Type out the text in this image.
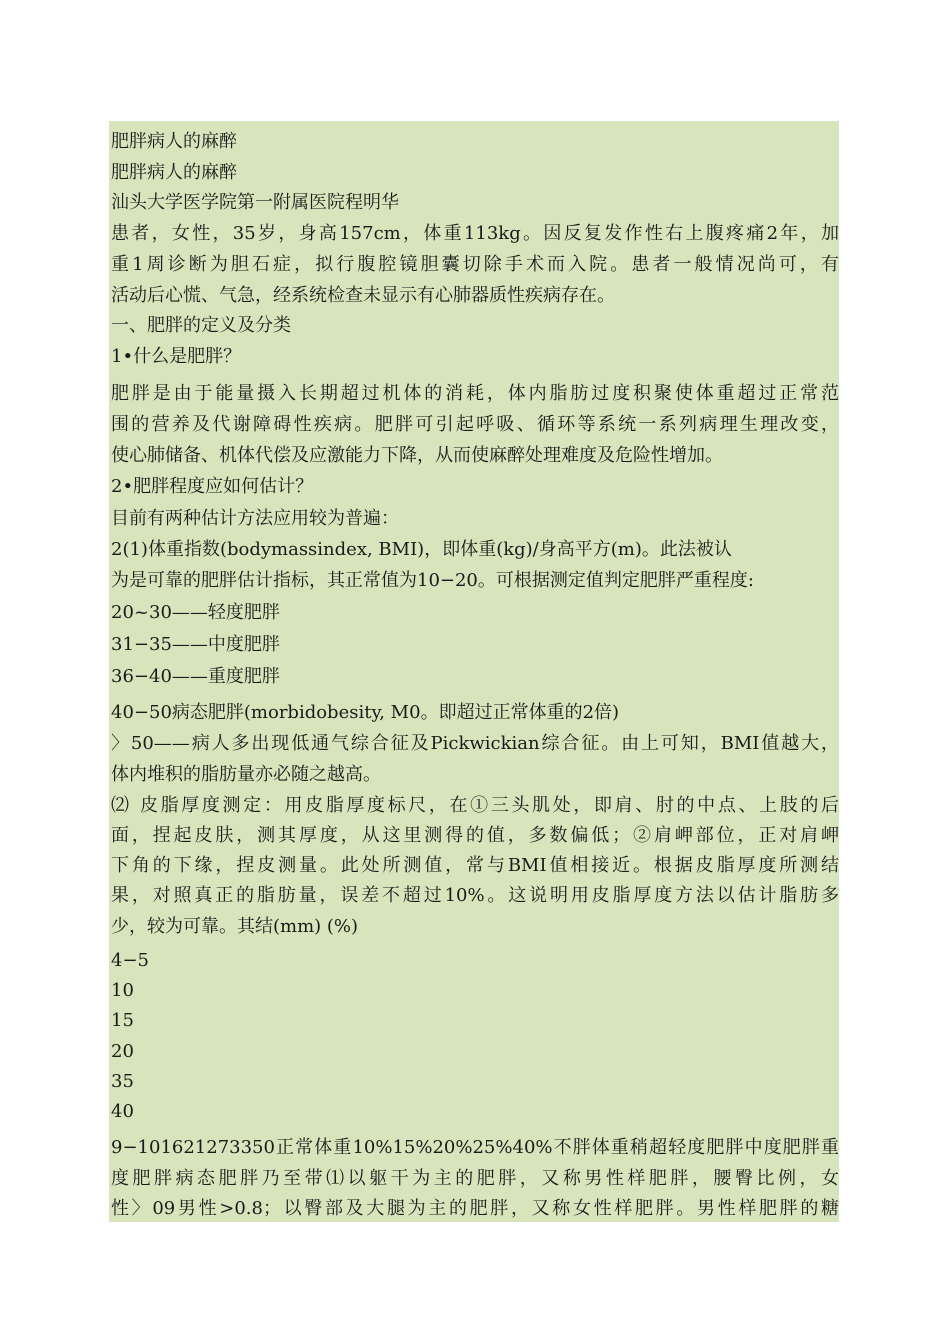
肥胖病人的麻醉
肥胖病人的麻醉
汕头大学医学院第一附属医院程明华
患者，女性，35岁，身高157cm，体重113kg。因反复发作性右上腹疼痛2年，加
重1周诊断为胆石症，拟行腹腔镜胆囊切除手术而入院。患者一般情况尚可，有
活动后心慌、气急，经系统检查未显示有心肺器质性疾病存在。
一、肥胖的定义及分类
1•什么是肥胖？
肥胖是由于能量摄入长期超过机体的消耗，体内脂肪过度积聚使体重超过正常范
围的营养及代谢障碍性疾病。肥胖可引起呼吸、循环等系统一系列病理生理改变，
使心肺储备、机体代偿及应激能力下降，从而使麻醉处理难度及危险性增加。
2•肥胖程度应如何估计？
目前有两种估计方法应用较为普遍：
2(1)体重指数(bodymassindex, BMI)，即体重(kg)/身高平方(m)。此法被认
为是可靠的肥胖估计指标，其正常值为10−20。可根据测定值判定肥胖严重程度:
20~30——轻度肥胖
31−35——中度肥胖
36−40——重度肥胖
40−50病态肥胖(morbidobesity, M0。即超过正常体重的2倍)
〉50——病人多出现低通气综合征及Pickwickian综合征。由上可知，BMI值越大，
体内堆积的脂肪量亦必随之越高。
⑵ 皮脂厚度测定：用皮脂厚度标尺，在①三头肌处，即肩、肘的中点、上肢的后
面，捏起皮肤，测其厚度，从这里测得的值，多数偏低；②肩岬部位，正对肩岬
下角的下缘，捏皮测量。此处所测值，常与BMI值相接近。根据皮脂厚度所测结
果，对照真正的脂肪量，误差不超过10%。这说明用皮脂厚度方法以估计脂肪多
少，较为可靠。其结(mm) (%)
4−5
10
15
20
35
40
9−101621273350正常体重10%15%20%25%40%不胖体重稍超轻度肥胖中度肥胖重
度肥胖病态肥胖乃至带⑴以躯干为主的肥胖，又称男性样肥胖，腰臀比例，女
性〉09男性>0.8；以臀部及大腿为主的肥胖，又称女性样肥胖。男性样肥胖的糖
